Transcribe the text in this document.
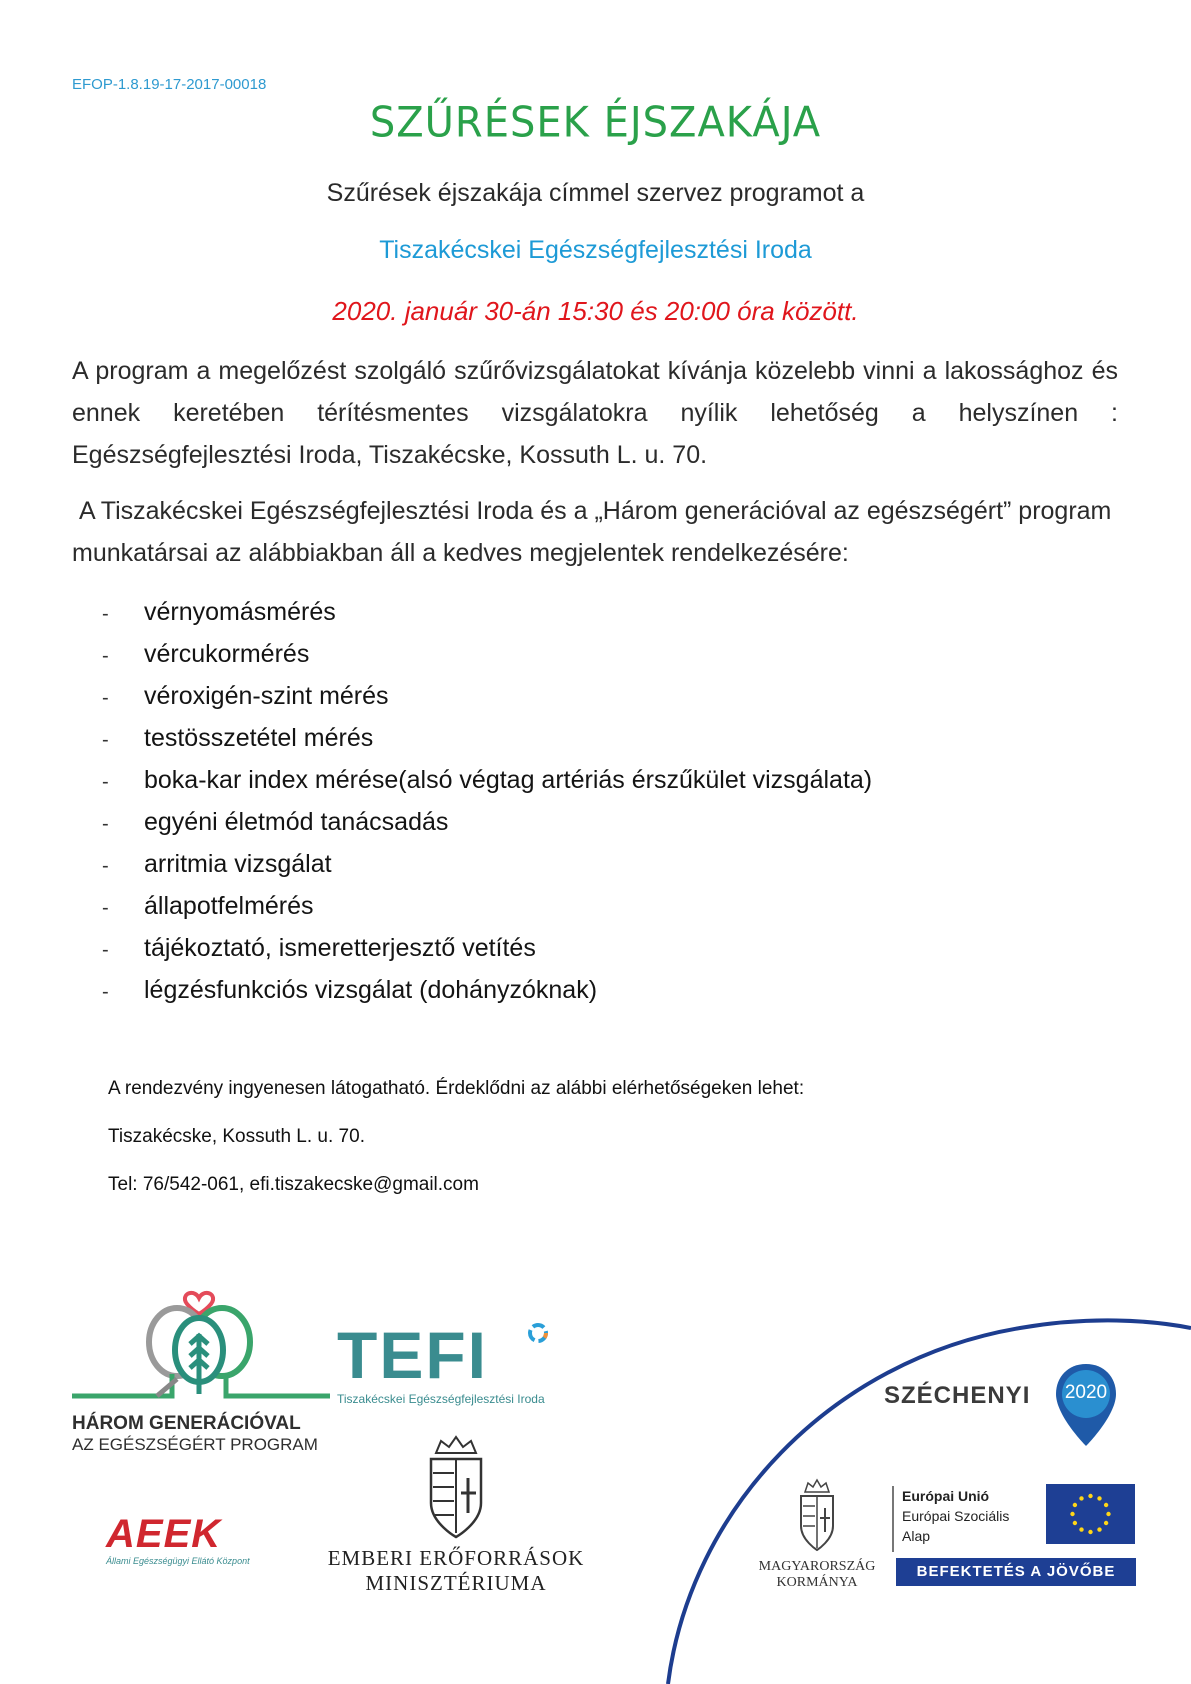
EFOP-1.8.19-17-2017-00018
SZŰRÉSEK ÉJSZAKÁJA
Szűrések éjszakája címmel szervez programot a
Tiszakécskei Egészségfejlesztési Iroda
2020. január 30-án 15:30 és 20:00 óra között.
A program a megelőzést szolgáló szűrővizsgálatokat kívánja közelebb vinni a lakossághoz és ennek keretében térítésmentes vizsgálatokra nyílik lehetőség a helyszínen : Egészségfejlesztési Iroda, Tiszakécske, Kossuth L. u. 70.
A Tiszakécskei Egészségfejlesztési Iroda és a „Három generációval az egészségért” program munkatársai az alábbiakban áll a kedves megjelentek rendelkezésére:
- vérnyomásmérés
- vércukormérés
- véroxigén-szint mérés
- testösszetétel mérés
- boka-kar index mérése(alsó végtag artériás érszűkület vizsgálata)
- egyéni életmód tanácsadás
- arritmia vizsgálat
- állapotfelmérés
- tájékoztató, ismeretterjesztő vetítés
- légzésfunkciós vizsgálat (dohányzóknak)
A rendezvény ingyenesen látogatható. Érdeklődni az alábbi elérhetőségeken lehet:
Tiszakécske, Kossuth L. u. 70.
Tel: 76/542-061, efi.tiszakecske@gmail.com
HÁROM GENERÁCIÓVAL
AZ EGÉSZSÉGÉRT PROGRAM
TEFI
Tiszakécskei Egészségfejlesztési Iroda
EMBERI ERŐFORRÁSOK
MINISZTÉRIUMA
AEEK
Állami Egészségügyi Ellátó Központ
SZÉCHENYI	2020
MAGYARORSZÁG
KORMÁNYA
Európai Unió
Európai Szociális
Alap
BEFEKTETÉS A JÖVŐBE
